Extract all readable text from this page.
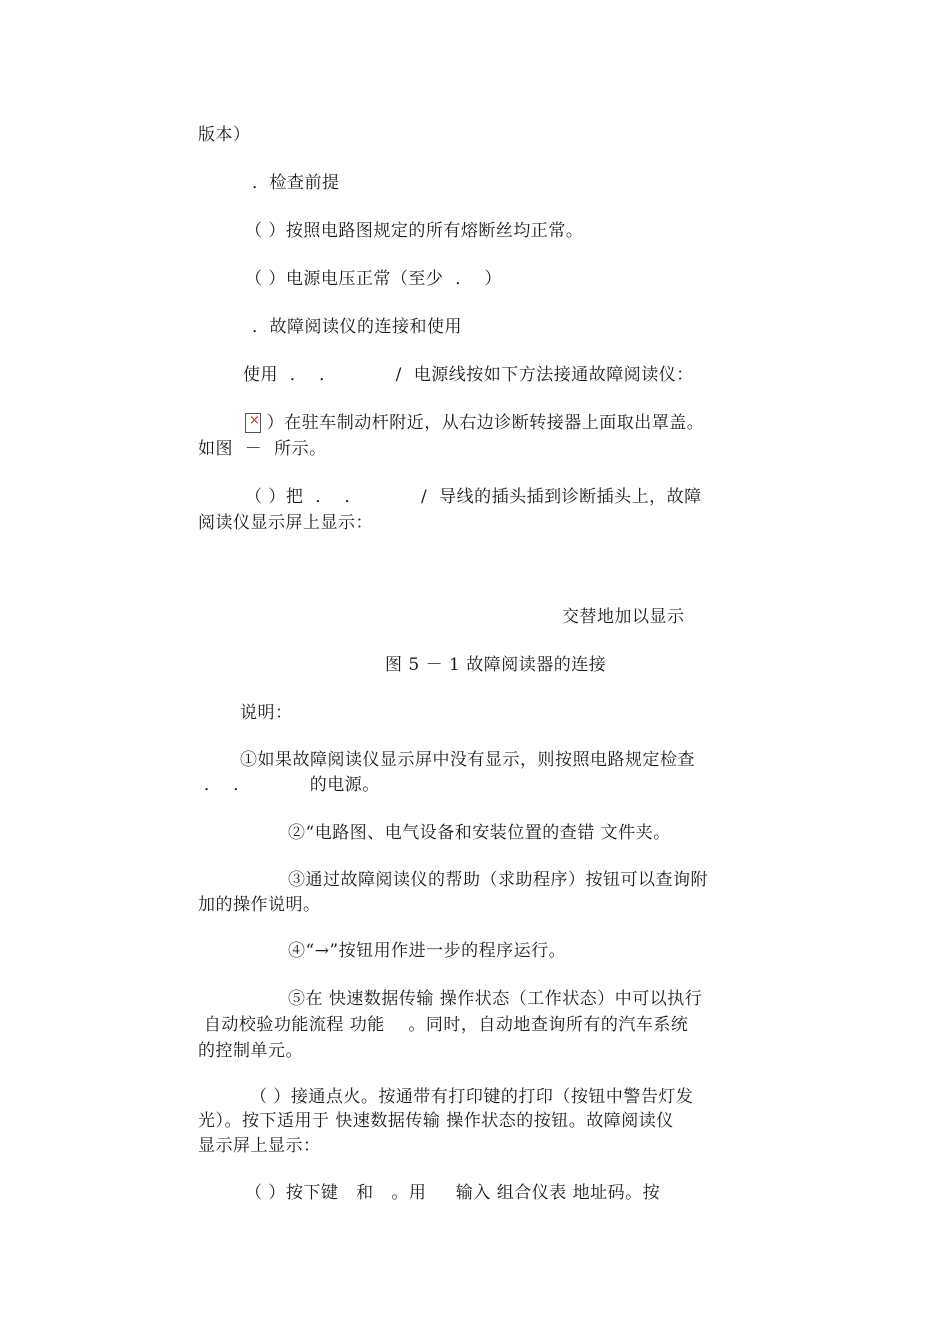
版本）
．检查前提
（ ）按照电路图规定的所有熔断丝均正常。
（ ）电源电压正常（至少  ．  ）
．故障阅读仪的连接和使用
使用  ．  ．          /  电源线按如下方法接通故障阅读仪：
×
）在驻车制动杆附近，从右边诊断转接器上面取出罩盖。
如图  －  所示。
（ ）把  ．  ．          /  导线的插头插到诊断插头上，故障
阅读仪显示屏上显示：
交替地加以显示
图 5 － 1 故障阅读器的连接
说明：
①如果故障阅读仪显示屏中没有显示，则按照电路规定检查
．  ．          的电源。
②“电路图、电气设备和安装位置的查错 文件夹。
③通过故障阅读仪的帮助（求助程序）按钮可以查询附
加的操作说明。
④“→”按钮用作进一步的程序运行。
⑤在 快速数据传输 操作状态（工作状态）中可以执行
自动校验功能流程 功能    。同时，自动地查询所有的汽车系统
的控制单元。
（ ）接通点火。按通带有打印键的打印（按钮中警告灯发
光）。按下适用于 快速数据传输 操作状态的按钮。故障阅读仪
显示屏上显示：
（ ）按下键   和   。用     输入 组合仪表 地址码。按
